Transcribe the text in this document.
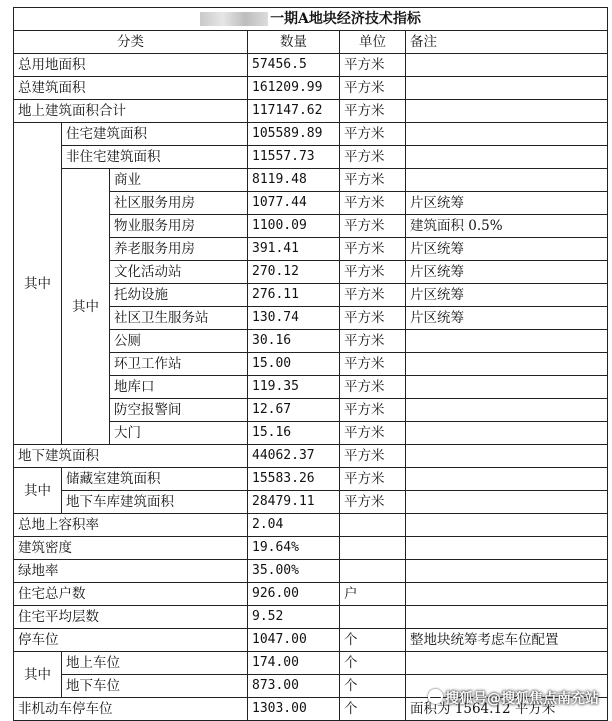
一期A地块经济技术指标					
分类			数量	单位	备注
总用地面积			57456.5	平方米	
总建筑面积			161209.99	平方米	
地上建筑面积合计			117147.62	平方米	
其中	住宅建筑面积		105589.89	平方米	
	非住宅建筑面积		11557.73	平方米	
	其中	商业	8119.48	平方米	
		社区服务用房	1077.44	平方米	片区统筹
		物业服务用房	1100.09	平方米	建筑面积 0.5%
		养老服务用房	391.41	平方米	片区统筹
		文化活动站	270.12	平方米	片区统筹
		托幼设施	276.11	平方米	片区统筹
		社区卫生服务站	130.74	平方米	片区统筹
		公厕	30.16	平方米	
		环卫工作站	15.00	平方米	
		地库口	119.35	平方米	
		防空报警间	12.67	平方米	
		大门	15.16	平方米	
地下建筑面积			44062.37	平方米	
其中	储藏室建筑面积		15583.26	平方米	
	地下车库建筑面积		28479.11	平方米	
总地上容积率			2.04		
建筑密度			19.64%		
绿地率			35.00%		
住宅总户数			926.00	户	
住宅平均层数			9.52		
停车位			1047.00	个	整地块统筹考虑车位配置
其中	地上车位		174.00	个	
	地下车位		873.00	个	
非机动车停车位			1303.00	个	面积为 1564.12 平方米
搜狐号@搜狐焦点南充站
